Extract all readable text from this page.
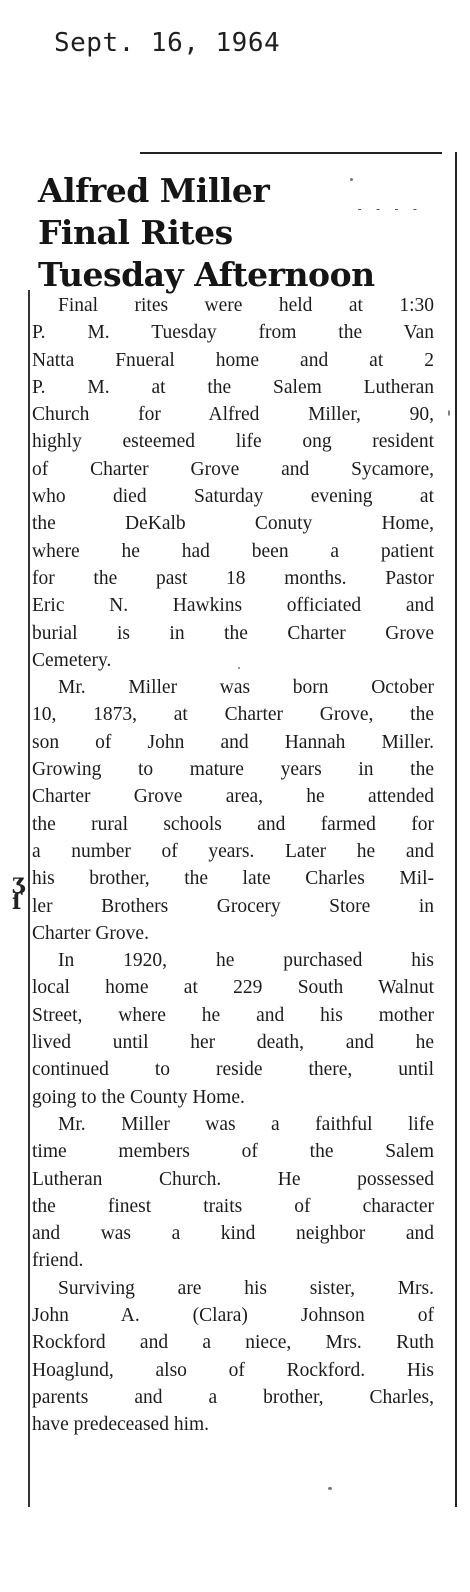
Sept. 16, 1964
- - - -
ʒ
ſ
Alfred Miller
Final Rites
Tuesday Afternoon

Final rites were held at 1:30
P. M. Tuesday from the Van
Natta Fnueral home and at 2
P. M. at the Salem Lutheran
Church for Alfred Miller, 90,
highly esteemed life ong resident
of Charter Grove and Sycamore,
who died Saturday evening at
the DeKalb Conuty Home,
where he had been a patient
for the past 18 months. Pastor
Eric N. Hawkins officiated and
burial is in the Charter Grove
Cemetery.

Mr. Miller was born October
10, 1873, at Charter Grove, the
son of John and Hannah Miller.
Growing to mature years in the
Charter Grove area, he attended
the rural schools and farmed for
a number of years. Later he and
his brother, the late Charles Mil-
ler Brothers Grocery Store in
Charter Grove.

In 1920, he purchased his
local home at 229 South Walnut
Street, where he and his mother
lived until her death, and he
continued to reside there, until
going to the County Home.

Mr. Miller was a faithful life
time members of the Salem
Lutheran Church. He possessed
the finest traits of character
and was a kind neighbor and
friend.

Surviving are his sister, Mrs.
John A. (Clara) Johnson of
Rockford and a niece, Mrs. Ruth
Hoaglund, also of Rockford. His
parents and a brother, Charles,
have predeceased him.
